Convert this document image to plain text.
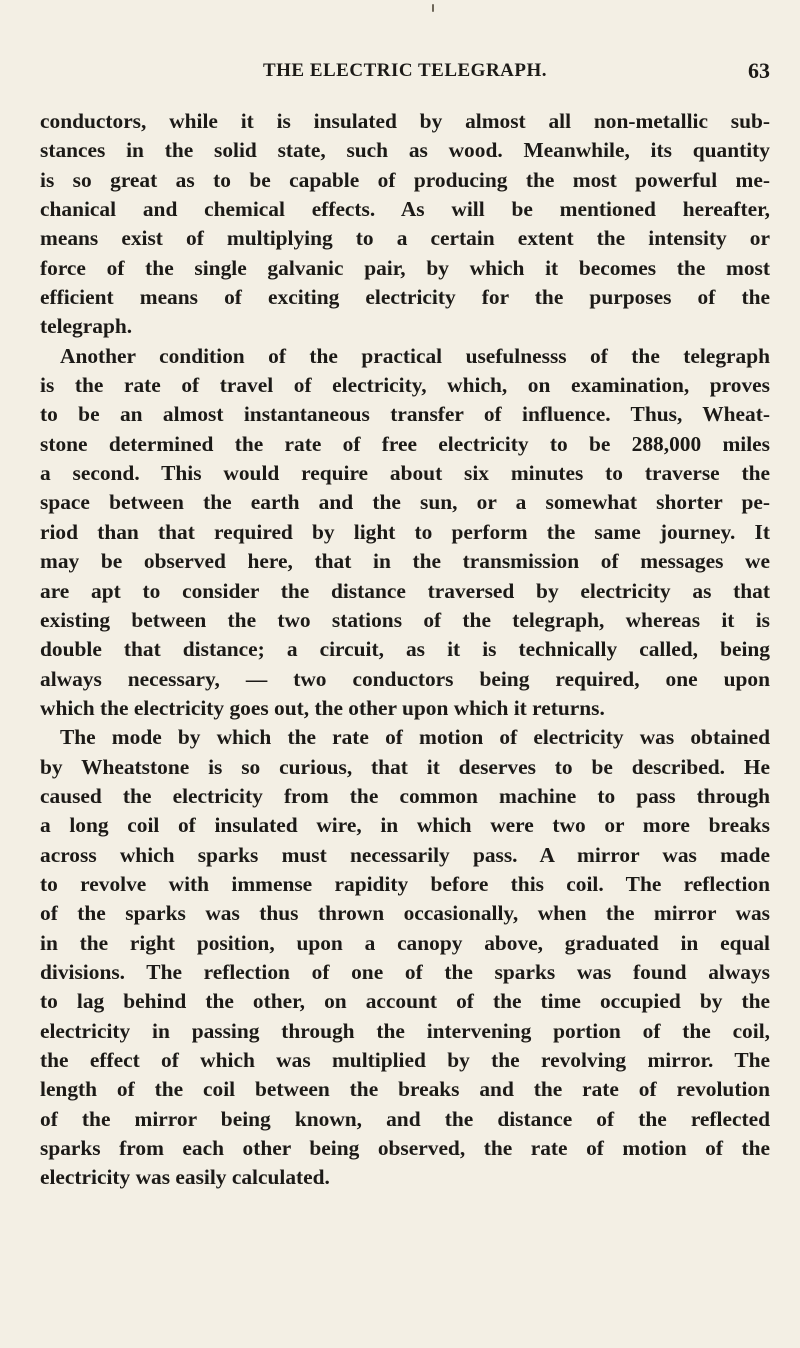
THE ELECTRIC TELEGRAPH.	63
conductors, while it is insulated by almost all non-metallic sub-
stances in the solid state, such as wood. Meanwhile, its quantity
is so great as to be capable of producing the most powerful me-
chanical and chemical effects. As will be mentioned hereafter,
means exist of multiplying to a certain extent the intensity or
force of the single galvanic pair, by which it becomes the most
efficient means of exciting electricity for the purposes of the
telegraph.
Another condition of the practical usefulnesss of the telegraph
is the rate of travel of electricity, which, on examination, proves
to be an almost instantaneous transfer of influence. Thus, Wheat-
stone determined the rate of free electricity to be 288,000 miles
a second. This would require about six minutes to traverse the
space between the earth and the sun, or a somewhat shorter pe-
riod than that required by light to perform the same journey. It
may be observed here, that in the transmission of messages we
are apt to consider the distance traversed by electricity as that
existing between the two stations of the telegraph, whereas it is
double that distance; a circuit, as it is technically called, being
always necessary, — two conductors being required, one upon
which the electricity goes out, the other upon which it returns.
The mode by which the rate of motion of electricity was obtained
by Wheatstone is so curious, that it deserves to be described. He
caused the electricity from the common machine to pass through
a long coil of insulated wire, in which were two or more breaks
across which sparks must necessarily pass. A mirror was made
to revolve with immense rapidity before this coil. The reflection
of the sparks was thus thrown occasionally, when the mirror was
in the right position, upon a canopy above, graduated in equal
divisions. The reflection of one of the sparks was found always
to lag behind the other, on account of the time occupied by the
electricity in passing through the intervening portion of the coil,
the effect of which was multiplied by the revolving mirror. The
length of the coil between the breaks and the rate of revolution
of the mirror being known, and the distance of the reflected
sparks from each other being observed, the rate of motion of the
electricity was easily calculated.
